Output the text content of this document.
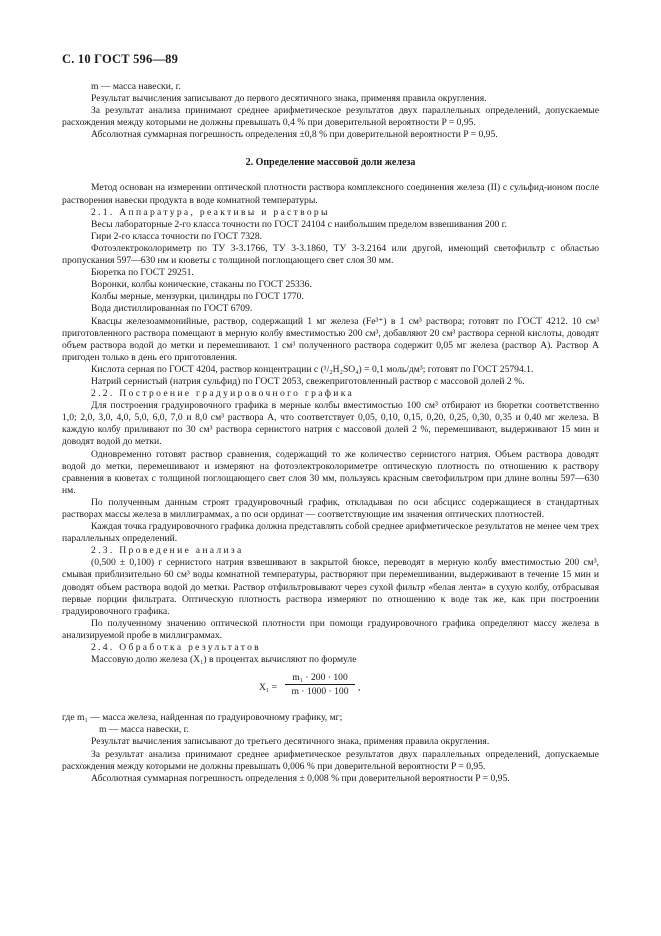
С. 10 ГОСТ 596—89

m — масса навески, г.

Результат вычисления записывают до первого десятичного знака, применяя правила округления.

За результат анализа принимают среднее арифметическое результатов двух параллельных определений, допускаемые расхождения между которыми не должны превышать 0,4 % при доверительной вероятности P = 0,95.

Абсолютная суммарная погрешность определения ±0,8 % при доверительной вероятности P = 0,95.

2. Определение массовой доли железа

Метод основан на измерении оптической плотности раствора комплексного соединения железа (II) с сульфид-ионом после растворения навески продукта в воде комнатной температуры.

2.1. Аппаратура, реактивы и растворы

Весы лабораторные 2-го класса точности по ГОСТ 24104 с наибольшим пределом взвешивания 200 г.

Гири 2-го класса точности по ГОСТ 7328.

Фотоэлектроколориметр по ТУ 3-3.1766, ТУ 3-3.1860, ТУ 3-3.2164 или другой, имеющий светофильтр с областью пропускания 597—630 нм и кюветы с толщиной поглощающего свет слоя 30 мм.

Бюретка по ГОСТ 29251.

Воронки, колбы конические, стаканы по ГОСТ 25336.

Колбы мерные, мензурки, цилиндры по ГОСТ 1770.

Вода дистиллированная по ГОСТ 6709.

Квасцы железоаммонийные, раствор, содержащий 1 мг железа (Fe³⁺) в 1 см³ раствора; готовят по ГОСТ 4212. 10 см³ приготовленного раствора помещают в мерную колбу вместимостью 200 см³, добавляют 20 см³ раствора серной кислоты, доводят объем раствора водой до метки и перемешивают. 1 см³ полученного раствора содержит 0,05 мг железа (раствор А). Раствор А пригоден только в день его приготовления.

Кислота серная по ГОСТ 4204, раствор концентрации c (¹/₂H₂SO₄) = 0,1 моль/дм³; готовят по ГОСТ 25794.1.

Натрий сернистый (натрия сульфид) по ГОСТ 2053, свежеприготовленный раствор с массовой долей 2 %.

2.2. Построение градуировочного графика

Для построения градуировочного графика в мерные колбы вместимостью 100 см³ отбирают из бюретки соответственно 1,0; 2,0, 3,0, 4,0, 5,0, 6,0, 7,0 и 8,0 см³ раствора А, что соответствует 0,05, 0,10, 0,15, 0,20, 0,25, 0,30, 0,35 и 0,40 мг железа. В каждую колбу приливают по 30 см³ раствора сернистого натрия с массовой долей 2 %, перемешивают, выдерживают 15 мин и доводят водой до метки.

Одновременно готовят раствор сравнения, содержащий то же количество сернистого натрия. Объем раствора доводят водой до метки, перемешивают и измеряют на фотоэлектроколориметре оптическую плотность по отношению к раствору сравнения в кюветах с толщиной поглощающего свет слоя 30 мм, пользуясь красным светофильтром при длине волны 597—630 нм.

По полученным данным строят градуировочный график, откладывая по оси абсцисс содержащиеся в стандартных растворах массы железа в миллиграммах, а по оси ординат — соответствующие им значения оптических плотностей.

Каждая точка градуировочного графика должна представлять собой среднее арифметическое результатов не менее чем трех параллельных определений.

2.3. Проведение анализа

(0,500 ± 0,100) г сернистого натрия взвешивают в закрытой бюксе, переводят в мерную колбу вместимостью 200 см³, смывая приблизительно 60 см³ воды комнатной температуры, растворяют при перемешивании, выдерживают в течение 15 мин и доводят объем раствора водой до метки. Раствор отфильтровывают через сухой фильтр «белая лента» в сухую колбу, отбрасывая первые порции фильтрата. Оптическую плотность раствора измеряют по отношению к воде так же, как при построении градуировочного графика.

По полученному значению оптической плотности при помощи градуировочного графика определяют массу железа в анализируемой пробе в миллиграммах.

2.4. Обработка результатов

Массовую долю железа (X₁) в процентах вычисляют по формуле

$X_1 = \frac{\text{m₁ · 200 · 100}}{m \cdot 1000 \cdot 100}$ ,

где m₁ — масса железа, найденная по градуировочному графику, мг;

m — масса навески, г.

Результат вычисления записывают до третьего десятичного знака, применяя правила округления.

За результат анализа принимают среднее арифметическое результатов двух параллельных определений, допускаемые расхождения между которыми не должны превышать 0,006 % при доверительной вероятности P = 0,95.

Абсолютная суммарная погрешность определения ± 0,008 % при доверительной вероятности P = 0,95.
